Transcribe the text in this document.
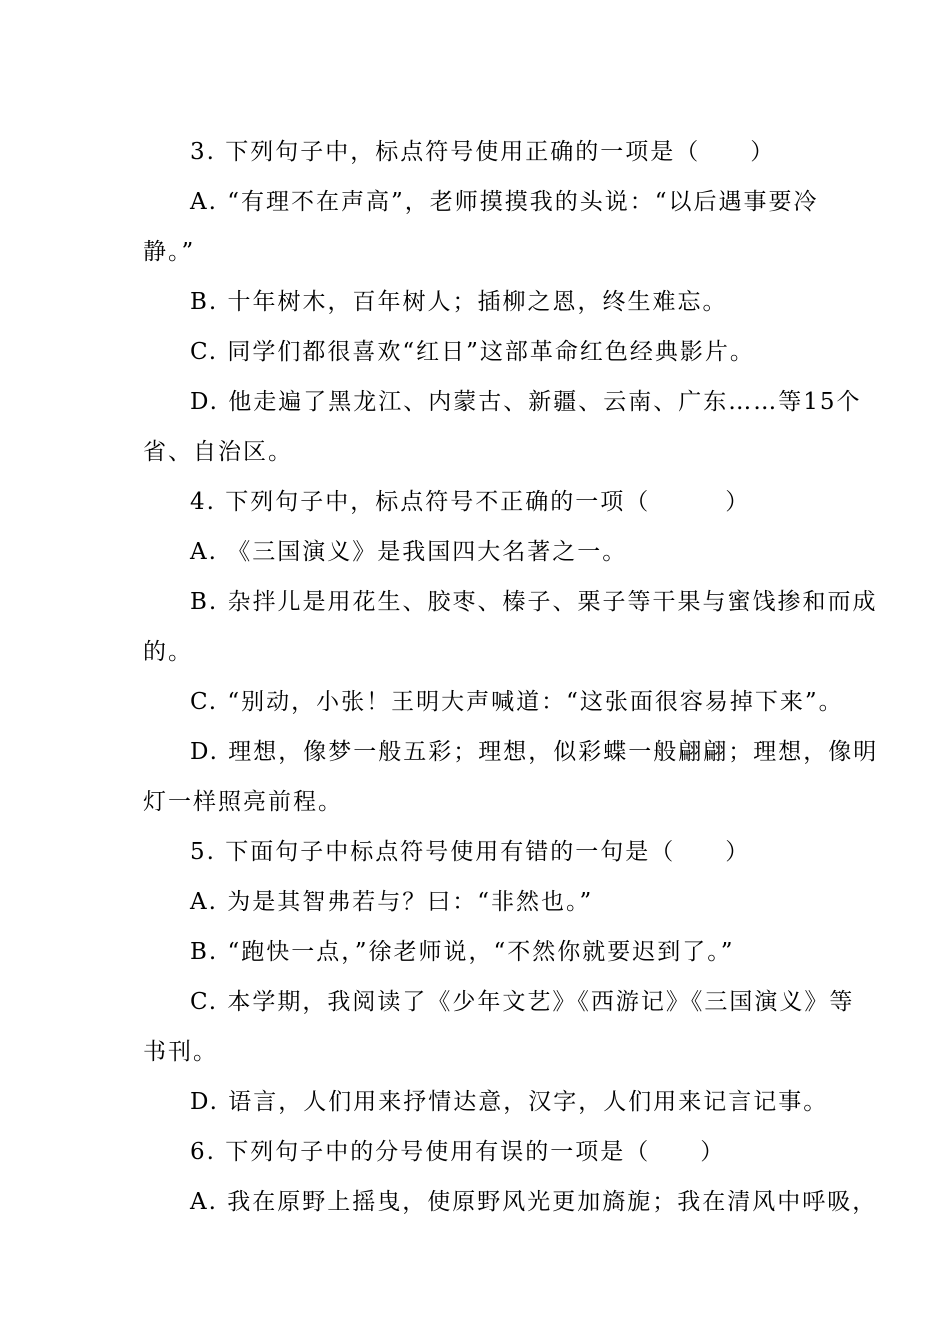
3. 下列句子中，标点符号使用正确的一项是（　　）
A. “有理不在声高”，老师摸摸我的头说：“以后遇事要冷
静。”
B. 十年树木，百年树人；插柳之恩，终生难忘。
C. 同学们都很喜欢“红日”这部革命红色经典影片。
D. 他走遍了黑龙江、内蒙古、新疆、云南、广东……等15个
省、自治区。
4. 下列句子中，标点符号不正确的一项（　　　）
A. 《三国演义》是我国四大名著之一。
B. 杂拌儿是用花生、胶枣、榛子、栗子等干果与蜜饯掺和而成
的。
C. “别动，小张！王明大声喊道：“这张面很容易掉下来”。
D. 理想，像梦一般五彩；理想，似彩蝶一般翩翩；理想，像明
灯一样照亮前程。
5. 下面句子中标点符号使用有错的一句是（　　）
A. 为是其智弗若与？曰：“非然也。”
B. “跑快一点，”徐老师说，“不然你就要迟到了。”
C. 本学期，我阅读了《少年文艺》《西游记》《三国演义》等
书刊。
D. 语言，人们用来抒情达意，汉字，人们用来记言记事。
6. 下列句子中的分号使用有误的一项是（　　）
A. 我在原野上摇曳，使原野风光更加旖旎；我在清风中呼吸，
